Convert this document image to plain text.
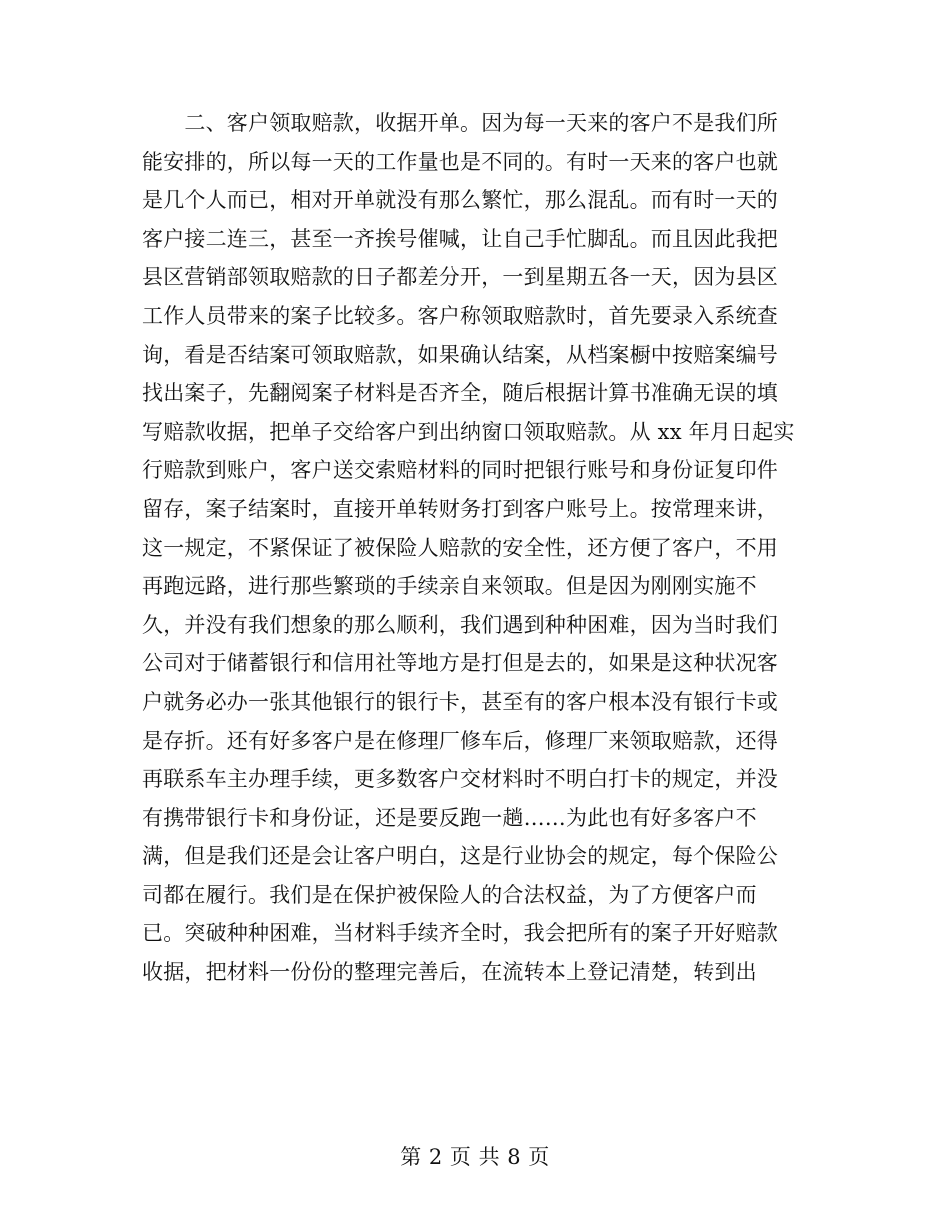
　　二、客户领取赔款，收据开单。因为每一天来的客户不是我们所
能安排的，所以每一天的工作量也是不同的。有时一天来的客户也就
是几个人而已，相对开单就没有那么繁忙，那么混乱。而有时一天的
客户接二连三，甚至一齐挨号催喊，让自己手忙脚乱。而且因此我把
县区营销部领取赔款的日子都差分开，一到星期五各一天，因为县区
工作人员带来的案子比较多。客户称领取赔款时，首先要录入系统查
询，看是否结案可领取赔款，如果确认结案，从档案橱中按赔案编号
找出案子，先翻阅案子材料是否齐全，随后根据计算书准确无误的填
写赔款收据，把单子交给客户到出纳窗口领取赔款。从 xx 年月日起实
行赔款到账户，客户送交索赔材料的同时把银行账号和身份证复印件
留存，案子结案时，直接开单转财务打到客户账号上。按常理来讲，
这一规定，不紧保证了被保险人赔款的安全性，还方便了客户，不用
再跑远路，进行那些繁琐的手续亲自来领取。但是因为刚刚实施不
久，并没有我们想象的那么顺利，我们遇到种种困难，因为当时我们
公司对于储蓄银行和信用社等地方是打但是去的，如果是这种状况客
户就务必办一张其他银行的银行卡，甚至有的客户根本没有银行卡或
是存折。还有好多客户是在修理厂修车后，修理厂来领取赔款，还得
再联系车主办理手续，更多数客户交材料时不明白打卡的规定，并没
有携带银行卡和身份证，还是要反跑一趟……为此也有好多客户不
满，但是我们还是会让客户明白，这是行业协会的规定，每个保险公
司都在履行。我们是在保护被保险人的合法权益，为了方便客户而
已。突破种种困难，当材料手续齐全时，我会把所有的案子开好赔款
收据，把材料一份份的整理完善后，在流转本上登记清楚，转到出
第 2 页 共 8 页
